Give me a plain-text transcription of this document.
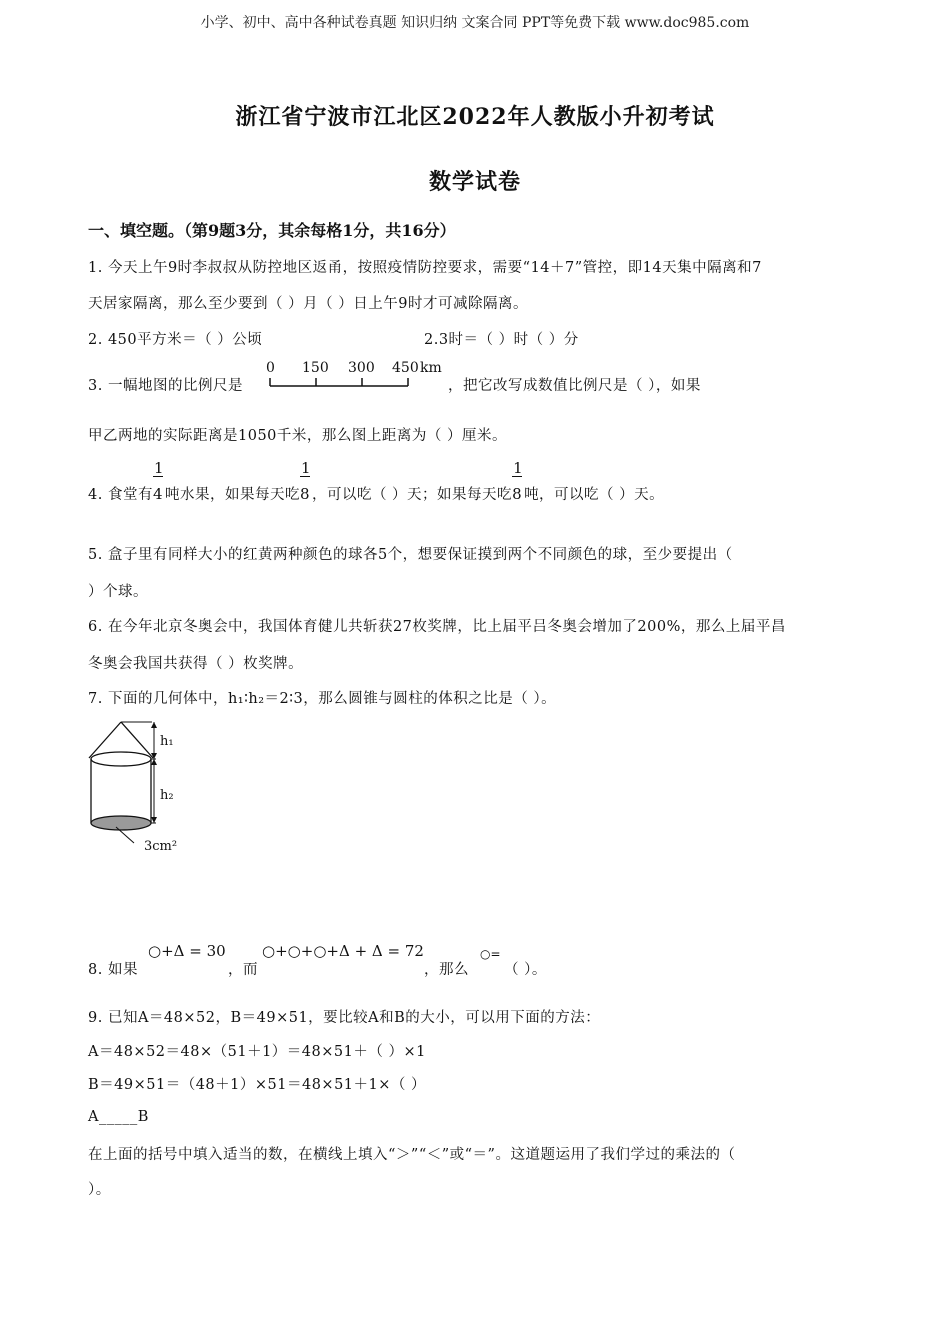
小学、初中、高中各种试卷真题 知识归纳 文案合同 PPT等免费下载 www.doc985.com
浙江省宁波市江北区2022年人教版小升初考试
数学试卷
一、填空题。（第9题3分，其余每格1分，共16分）
1. 今天上午9时李叔叔从防控地区返甬，按照疫情防控要求，需要“14＋7”管控，即14天集中隔离和7
天居家隔离，那么至少要到（ ）月（ ）日上午9时才可减除隔离。
2. 450平方米＝（ ）公顷	2.3时＝（ ）时（ ）分
3. 一幅地图的比例尺是
0 150 300 450 km
，把它改写成数值比例尺是（ ），如果
甲乙两地的实际距离是1050千米，那么图上距离为（ ）厘米。
4. 食堂有 $\frac{1}{4}$吨水果，如果每天吃 $\frac{1}{8}$，可以吃（ ）天；如果每天吃 $\frac{1}{8}$吨，可以吃（ ）天。
5. 盒子里有同样大小的红黄两种颜色的球各5个，想要保证摸到两个不同颜色的球，至少要提出（
）个球。
6. 在今年北京冬奥会中，我国体育健儿共斩获27枚奖牌，比上届平吕冬奥会增加了200%，那么上届平昌
冬奥会我国共获得（ ）枚奖牌。
7. 下面的几何体中，h₁∶h₂＝2∶3，那么圆锥与圆柱的体积之比是（ ）。
h₁
h₂
3cm²
8. 如果
○+Δ = 30
，而
○+○+○+Δ + Δ = 72
，那么
○=
（ ）。
9. 已知A＝48×52，B＝49×51，要比较A和B的大小，可以用下面的方法：
A＝48×52＝48×（51＋1）＝48×51＋（ ）×1
B＝49×51＝（48＋1）×51＝48×51＋1×（ ）
A_____B
在上面的括号中填入适当的数，在横线上填入“＞”“＜”或“＝”。这道题运用了我们学过的乘法的（
）。
